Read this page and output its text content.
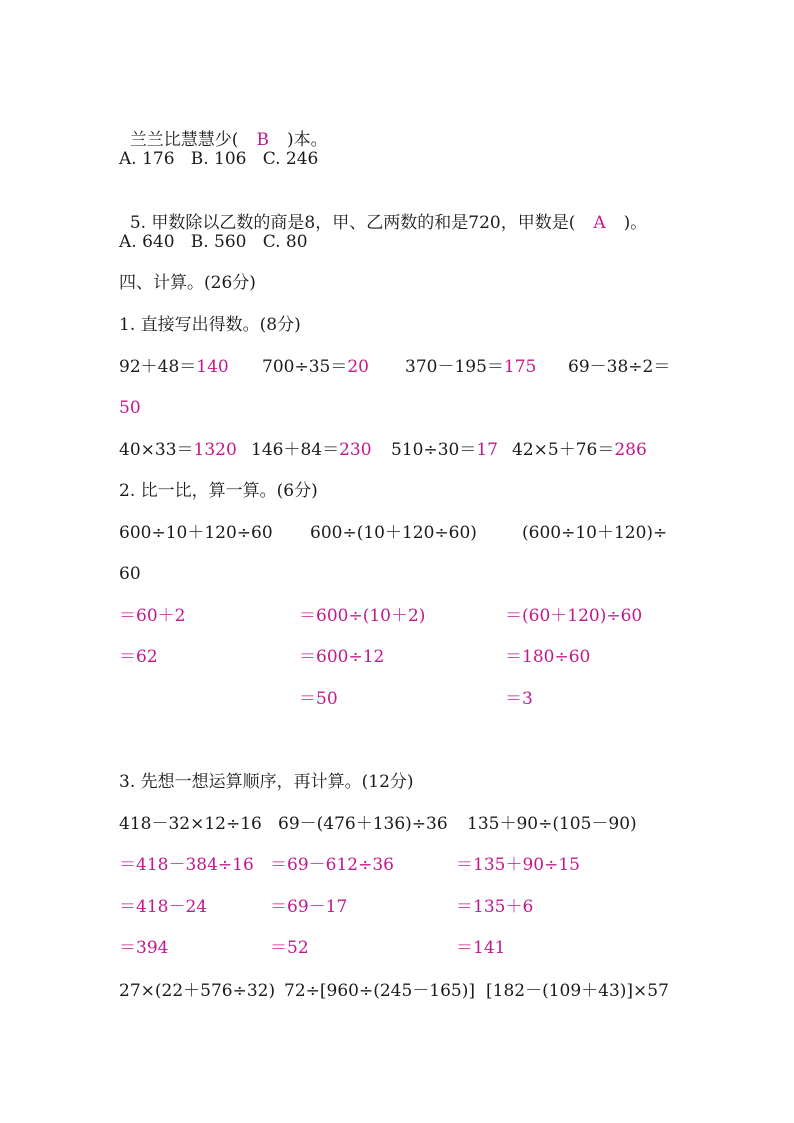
兰兰比慧慧少( B )本。

A. 176   B. 106   C. 246

5. 甲数除以乙数的商是8，甲、乙两数的和是720，甲数是( A )。

A. 640   B. 560   C. 80
四、计算。(26分)
1. 直接写出得数。(8分)
92＋48＝140 700÷35＝20 370－195＝175 69－38÷2＝
50
40×33＝1320 146＋84＝230 510÷30＝17 42×5＋76＝286
2. 比一比，算一算。(6分)
600÷10＋120÷60 600÷(10＋120÷60)	(600÷10＋120)÷
60
＝60＋2
＝62
＝600÷(10＋2)
＝600÷12
＝50
＝(60＋120)÷60
＝180÷60
＝3
3. 先想一想运算顺序，再计算。(12分)
418－32×12÷16 69－(476＋136)÷36 135＋90÷(105－90)
＝418－384÷16
＝418－24
＝394
＝69－612÷36
＝69－17
＝52
＝135＋90÷15
＝135＋6
＝141
27×(22＋576÷32) 72÷[960÷(245－165)] [182－(109＋43)]×57
